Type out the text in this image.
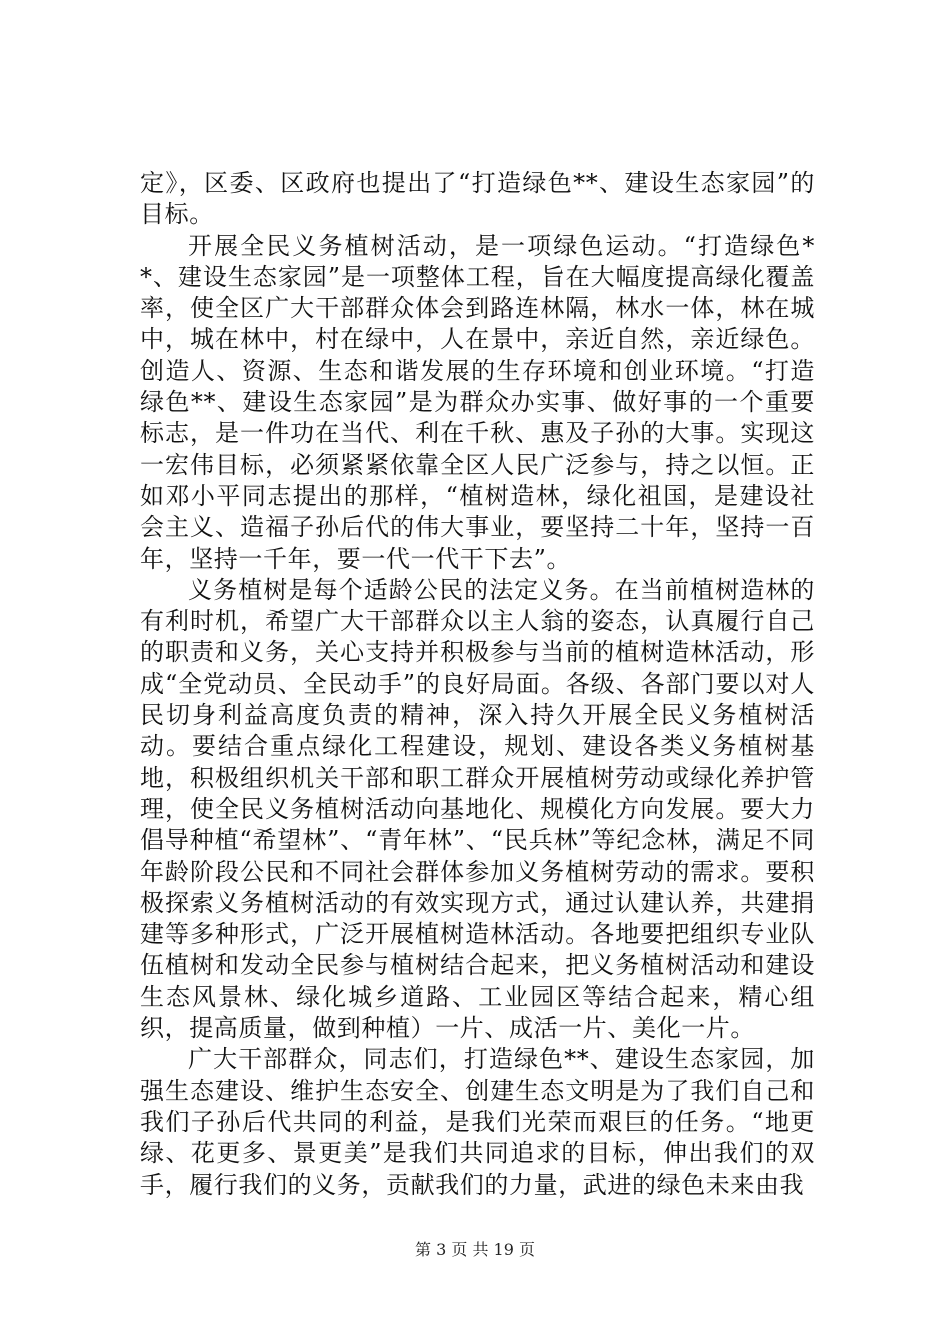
定》，区委、区政府也提出了“打造绿色**、建设生态家园”的目标。

开展全民义务植树活动，是一项绿色运动。“打造绿色**、建设生态家园”是一项整体工程，旨在大幅度提高绿化覆盖率，使全区广大干部群众体会到路连林隔，林水一体，林在城中，城在林中，村在绿中，人在景中，亲近自然，亲近绿色。创造人、资源、生态和谐发展的生存环境和创业环境。“打造绿色**、建设生态家园”是为群众办实事、做好事的一个重要标志，是一件功在当代、利在千秋、惠及子孙的大事。实现这一宏伟目标，必须紧紧依靠全区人民广泛参与，持之以恒。正如邓小平同志提出的那样，“植树造林，绿化祖国，是建设社会主义、造福子孙后代的伟大事业，要坚持二十年，坚持一百年，坚持一千年，要一代一代干下去”。

义务植树是每个适龄公民的法定义务。在当前植树造林的有利时机，希望广大干部群众以主人翁的姿态，认真履行自己的职责和义务，关心支持并积极参与当前的植树造林活动，形成“全党动员、全民动手”的良好局面。各级、各部门要以对人民切身利益高度负责的精神，深入持久开展全民义务植树活动。要结合重点绿化工程建设，规划、建设各类义务植树基地，积极组织机关干部和职工群众开展植树劳动或绿化养护管理，使全民义务植树活动向基地化、规模化方向发展。要大力倡导种植“希望林”、“青年林”、“民兵林”等纪念林，满足不同年龄阶段公民和不同社会群体参加义务植树劳动的需求。要积极探索义务植树活动的有效实现方式，通过认建认养，共建捐建等多种形式，广泛开展植树造林活动。各地要把组织专业队伍植树和发动全民参与植树结合起来，把义务植树活动和建设生态风景林、绿化城乡道路、工业园区等结合起来，精心组织，提高质量，做到种植）一片、成活一片、美化一片。

广大干部群众，同志们，打造绿色**、建设生态家园，加强生态建设、维护生态安全、创建生态文明是为了我们自己和我们子孙后代共同的利益，是我们光荣而艰巨的任务。“地更绿、花更多、景更美”是我们共同追求的目标，伸出我们的双手，履行我们的义务，贡献我们的力量，武进的绿色未来由我

第 3 页 共 19 页
